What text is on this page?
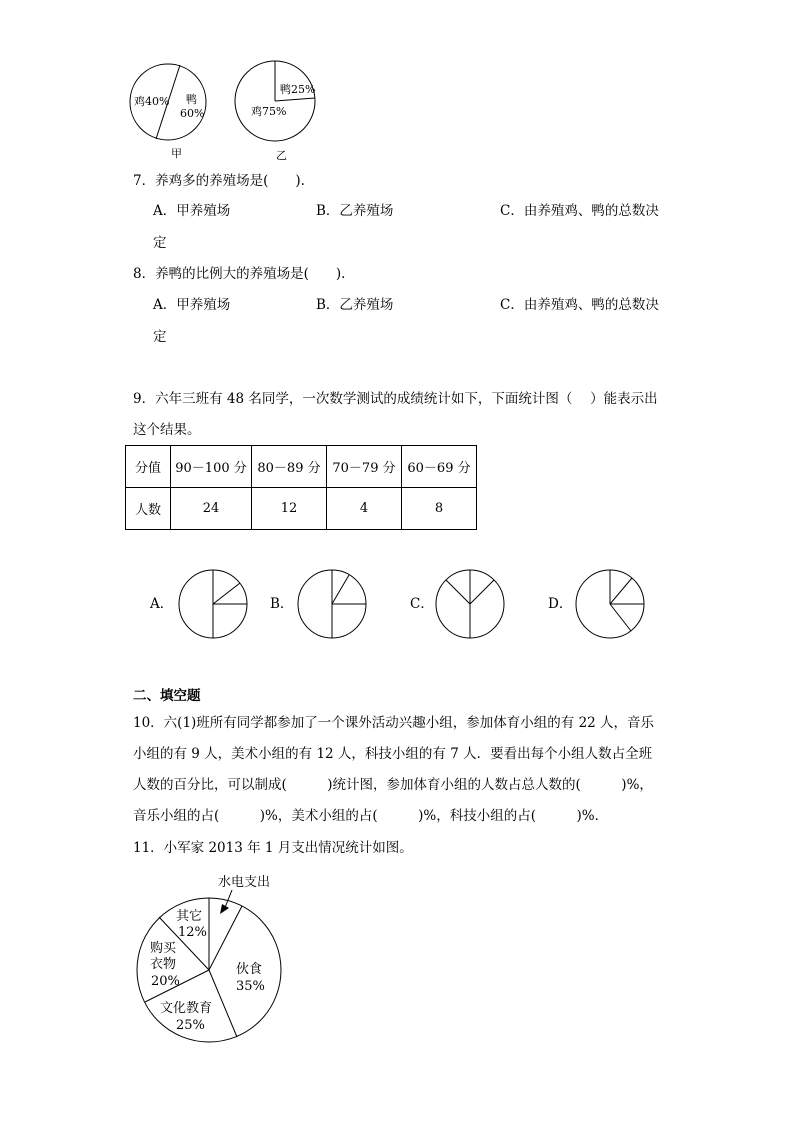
鸡40% 鸭
60%
甲
鸭25%
鸡75%
乙
7．养鸡多的养殖场是(　　).
A．甲养殖场	B．乙养殖场	C．由养殖鸡、鸭的总数决
定
8．养鸭的比例大的养殖场是(　　).
A．甲养殖场	B．乙养殖场	C．由养殖鸡、鸭的总数决
定
9．六年三班有 48 名同学，一次数学测试的成绩统计如下，下面统计图（　 ）能表示出
这个结果。
分值	90－100 分	80－89 分	70－79 分	60－69 分
人数	24	12	4	8
A．	B．	C．	D．
二、填空题
10．六(1)班所有同学都参加了一个课外活动兴趣小组，参加体育小组的有 22 人，音乐
小组的有 9 人，美术小组的有 12 人，科技小组的有 7 人．要看出每个小组人数占全班
人数的百分比，可以制成(　　　)统计图，参加体育小组的人数占总人数的(　　　)%，
音乐小组的占(　　　)%，美术小组的占(　　　)%，科技小组的占(　　　)%．
11．小军家 2013 年 1 月支出情况统计如图。
水电支出
其它
12%
购买
衣物
20%
伙食
35%
文化教育
25%
